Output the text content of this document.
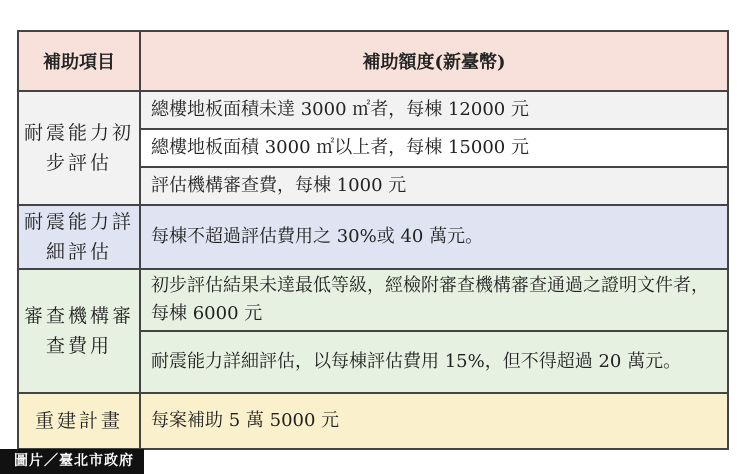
補助項目	補助額度(新臺幣)
耐震能力初步評估	總樓地板面積未達 3000 ㎡者，每棟 12000 元
	總樓地板面積 3000 ㎡以上者，每棟 15000 元
	評估機構審查費，每棟 1000 元
耐震能力詳細評估	每棟不超過評估費用之 30%或 40 萬元。
審查機構審查費用	初步評估結果未達最低等級，經檢附審查機構審查通過之證明文件者，每棟 6000 元
	耐震能力詳細評估，以每棟評估費用 15%，但不得超過 20 萬元。
重建計畫	每案補助 5 萬 5000 元
圖片／臺北市政府
